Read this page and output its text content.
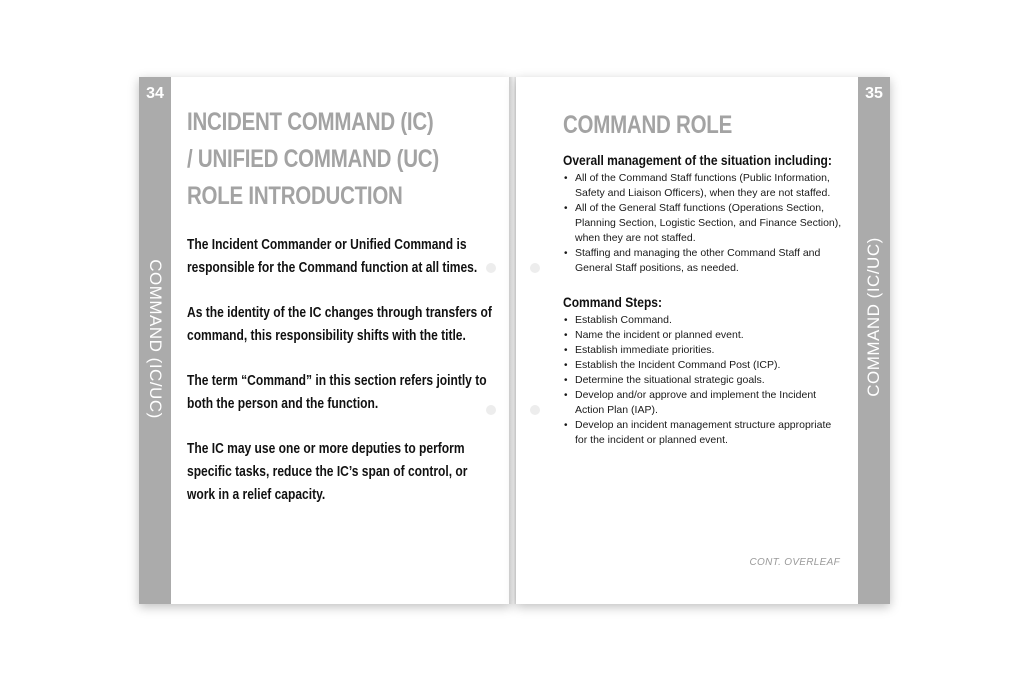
34
COMMAND (IC/UC)

INCIDENT COMMAND (IC)

/ UNIFIED COMMAND (UC)

ROLE INTRODUCTION

The Incident Commander or Unified Command is
responsible for the Command function at all times.
As the identity of the IC changes through transfers of
command, this responsibility shifts with the title.
The term “Command” in this section refers jointly to
both the person and the function.
The IC may use one or more deputies to perform
specific tasks, reduce the IC’s span of control, or
work in a relief capacity.
35
COMMAND (IC/UC)

COMMAND ROLE

Overall management of the situation including:

• All of the Command Staff functions (Public Information,
Safety and Liaison Officers), when they are not staffed.
• All of the General Staff functions (Operations Section,
Planning Section, Logistic Section, and Finance Section),
when they are not staffed.
• Staffing and managing the other Command Staff and
General Staff positions, as needed.

Command Steps:

• Establish Command.
• Name the incident or planned event.
• Establish immediate priorities.
• Establish the Incident Command Post (ICP).
• Determine the situational strategic goals.
• Develop and/or approve and implement the Incident
Action Plan (IAP).
• Develop an incident management structure appropriate
for the incident or planned event.
CONT. OVERLEAF
